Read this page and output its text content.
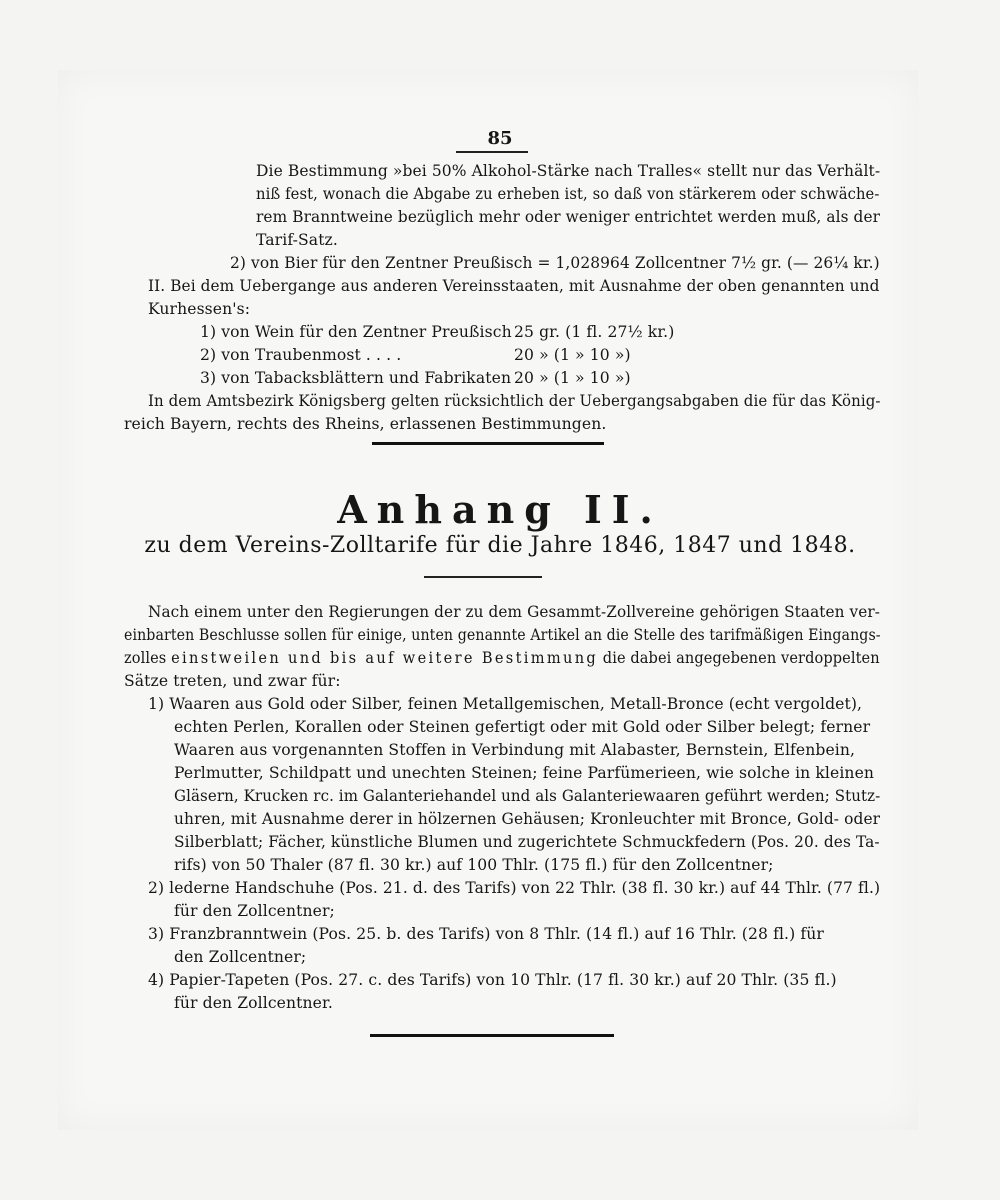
85
Die Bestimmung »bei 50% Alkohol-Stärke nach Tralles« stellt nur das Verhält-
niß fest, wonach die Abgabe zu erheben ist, so daß von stärkerem oder schwäche-
rem Branntweine bezüglich mehr oder weniger entrichtet werden muß, als der
Tarif-Satz.
2) von Bier für den Zentner Preußisch = 1,028964 Zollcentner 7½ gr. (— 26¼ kr.)
II. Bei dem Uebergange aus anderen Vereinsstaaten, mit Ausnahme der oben genannten und
Kurhessen's:
1) von Wein für den Zentner Preußisch 25 gr. (1 fl. 27½ kr.)
2) von Traubenmost . . . .	20 » (1 » 10 »)
3) von Tabacksblättern und Fabrikaten 20 » (1 » 10 »)
In dem Amtsbezirk Königsberg gelten rücksichtlich der Uebergangsabgaben die für das König-
reich Bayern, rechts des Rheins, erlassenen Bestimmungen.
Anhang II.
zu dem Vereins-Zolltarife für die Jahre 1846, 1847 und 1848.
Nach einem unter den Regierungen der zu dem Gesammt-Zollvereine gehörigen Staaten ver-
einbarten Beschlusse sollen für einige, unten genannte Artikel an die Stelle des tarifmäßigen Eingangs-
zolles einstweilen und bis auf weitere Bestimmung die dabei angegebenen verdoppelten
Sätze treten, und zwar für:
1) Waaren aus Gold oder Silber, feinen Metallgemischen, Metall-Bronce (echt vergoldet),
echten Perlen, Korallen oder Steinen gefertigt oder mit Gold oder Silber belegt; ferner
Waaren aus vorgenannten Stoffen in Verbindung mit Alabaster, Bernstein, Elfenbein,
Perlmutter, Schildpatt und unechten Steinen; feine Parfümerieen, wie solche in kleinen
Gläsern, Krucken rc. im Galanteriehandel und als Galanteriewaaren geführt werden; Stutz-
uhren, mit Ausnahme derer in hölzernen Gehäusen; Kronleuchter mit Bronce, Gold- oder
Silberblatt; Fächer, künstliche Blumen und zugerichtete Schmuckfedern (Pos. 20. des Ta-
rifs) von 50 Thaler (87 fl. 30 kr.) auf 100 Thlr. (175 fl.) für den Zollcentner;
2) lederne Handschuhe (Pos. 21. d. des Tarifs) von 22 Thlr. (38 fl. 30 kr.) auf 44 Thlr. (77 fl.)
für den Zollcentner;
3) Franzbranntwein (Pos. 25. b. des Tarifs) von 8 Thlr. (14 fl.) auf 16 Thlr. (28 fl.) für
den Zollcentner;
4) Papier-Tapeten (Pos. 27. c. des Tarifs) von 10 Thlr. (17 fl. 30 kr.) auf 20 Thlr. (35 fl.)
für den Zollcentner.
